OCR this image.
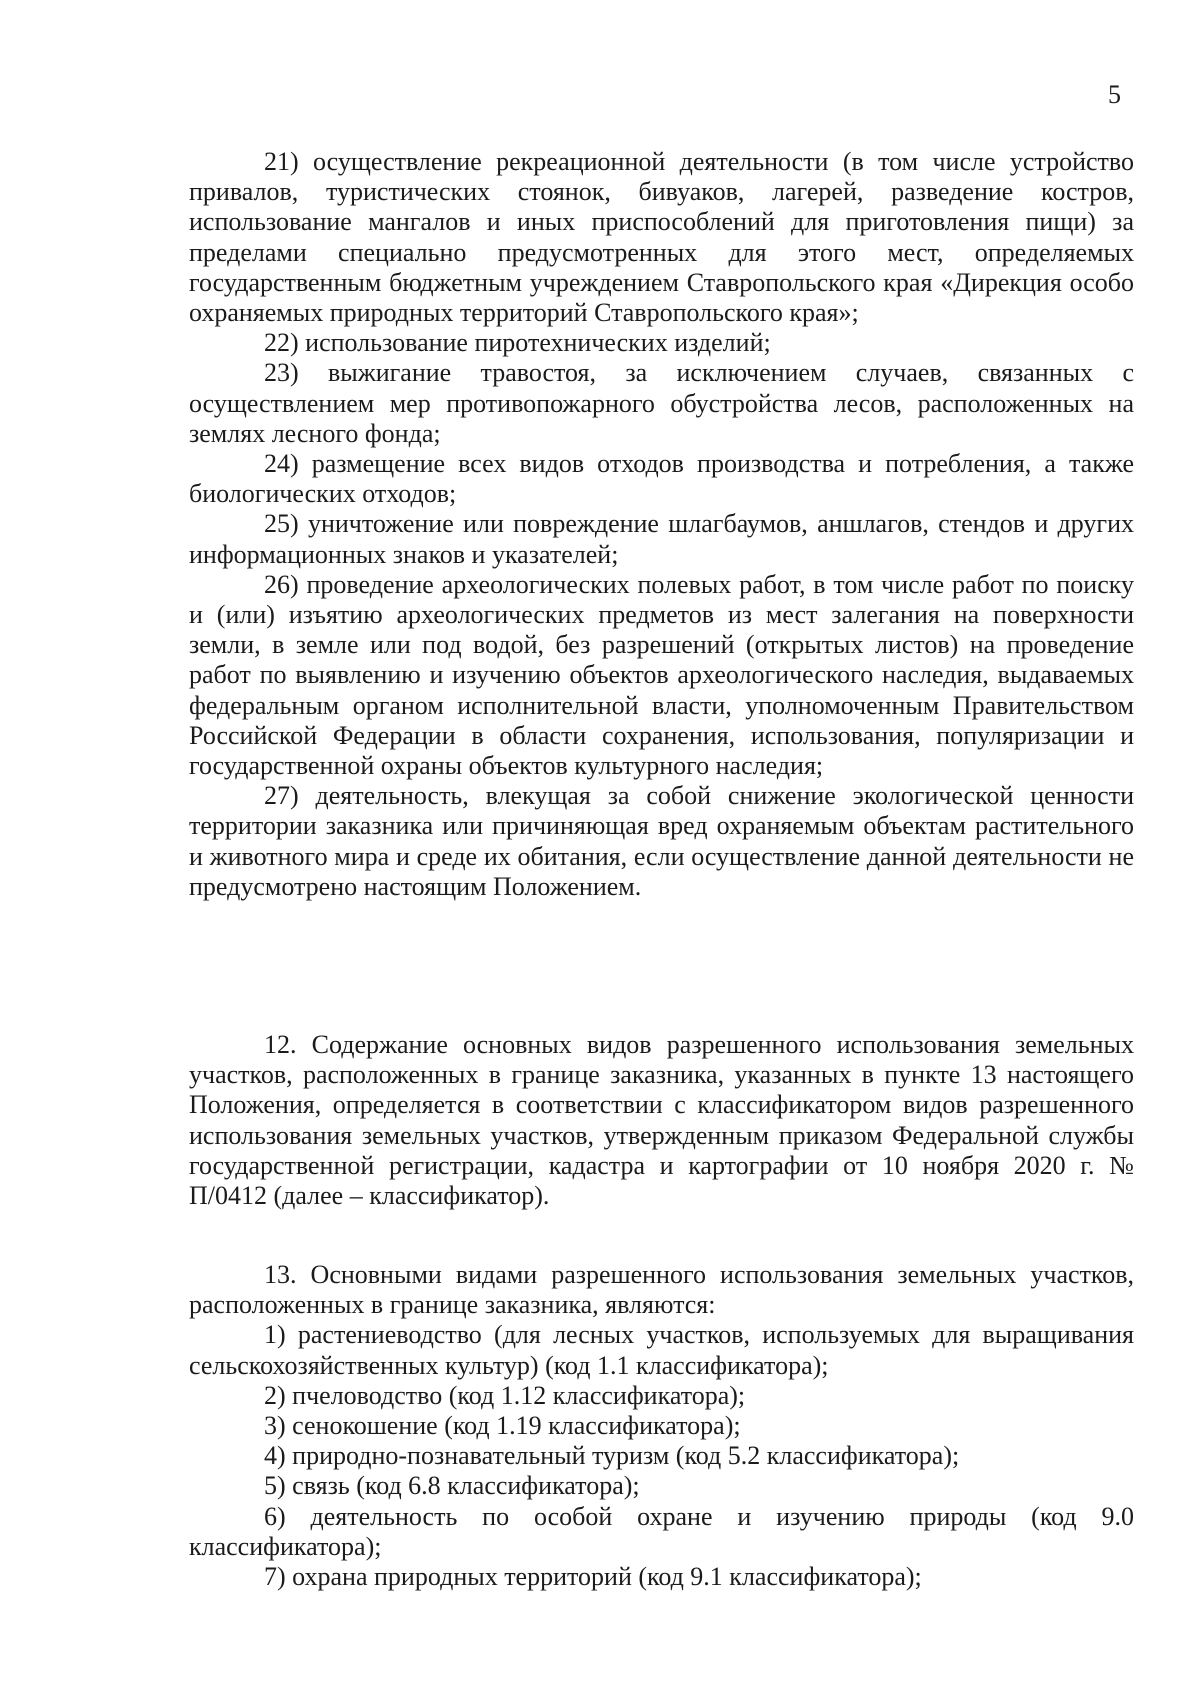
5

21) осуществление рекреационной деятельности (в том числе устройство привалов, туристических стоянок, бивуаков, лагерей, разведение костров, использование мангалов и иных приспособлений для приготовления пищи) за пределами специально предусмотренных для этого мест, определяемых государственным бюджетным учреждением Ставропольского края «Дирекция особо охраняемых природных территорий Ставропольского края»;

22) использование пиротехнических изделий;

23) выжигание травостоя, за исключением случаев, связанных с осуществлением мер противопожарного обустройства лесов, расположенных на землях лесного фонда;

24) размещение всех видов отходов производства и потребления, а также биологических отходов;

25) уничтожение или повреждение шлагбаумов, аншлагов, стендов и других информационных знаков и указателей;

26) проведение археологических полевых работ, в том числе работ по поиску и (или) изъятию археологических предметов из мест залегания на поверхности земли, в земле или под водой, без разрешений (открытых листов) на проведение работ по выявлению и изучению объектов археологического наследия, выдаваемых федеральным органом исполнительной власти, уполномоченным Правительством Российской Федерации в области сохранения, использования, популяризации и государственной охраны объектов культурного наследия;

27) деятельность, влекущая за собой снижение экологической ценности территории заказника или причиняющая вред охраняемым объектам растительного и животного мира и среде их обитания, если осуществление данной деятельности не предусмотрено настоящим Положением.

12. Содержание основных видов разрешенного использования земельных участков, расположенных в границе заказника, указанных в пункте 13 настоящего Положения, определяется в соответствии с классификатором видов разрешенного использования земельных участков, утвержденным приказом Федеральной службы государственной регистрации, кадастра и картографии от 10 ноября 2020 г. № П/0412 (далее – классификатор).

13. Основными видами разрешенного использования земельных участков, расположенных в границе заказника, являются:

1) растениеводство (для лесных участков, используемых для выращивания сельскохозяйственных культур) (код 1.1 классификатора);

2) пчеловодство (код 1.12 классификатора);

3) сенокошение (код 1.19 классификатора);

4) природно-познавательный туризм (код 5.2 классификатора);

5) связь (код 6.8 классификатора);

6) деятельность по особой охране и изучению природы (код 9.0 классификатора);

7) охрана природных территорий (код 9.1 классификатора);
